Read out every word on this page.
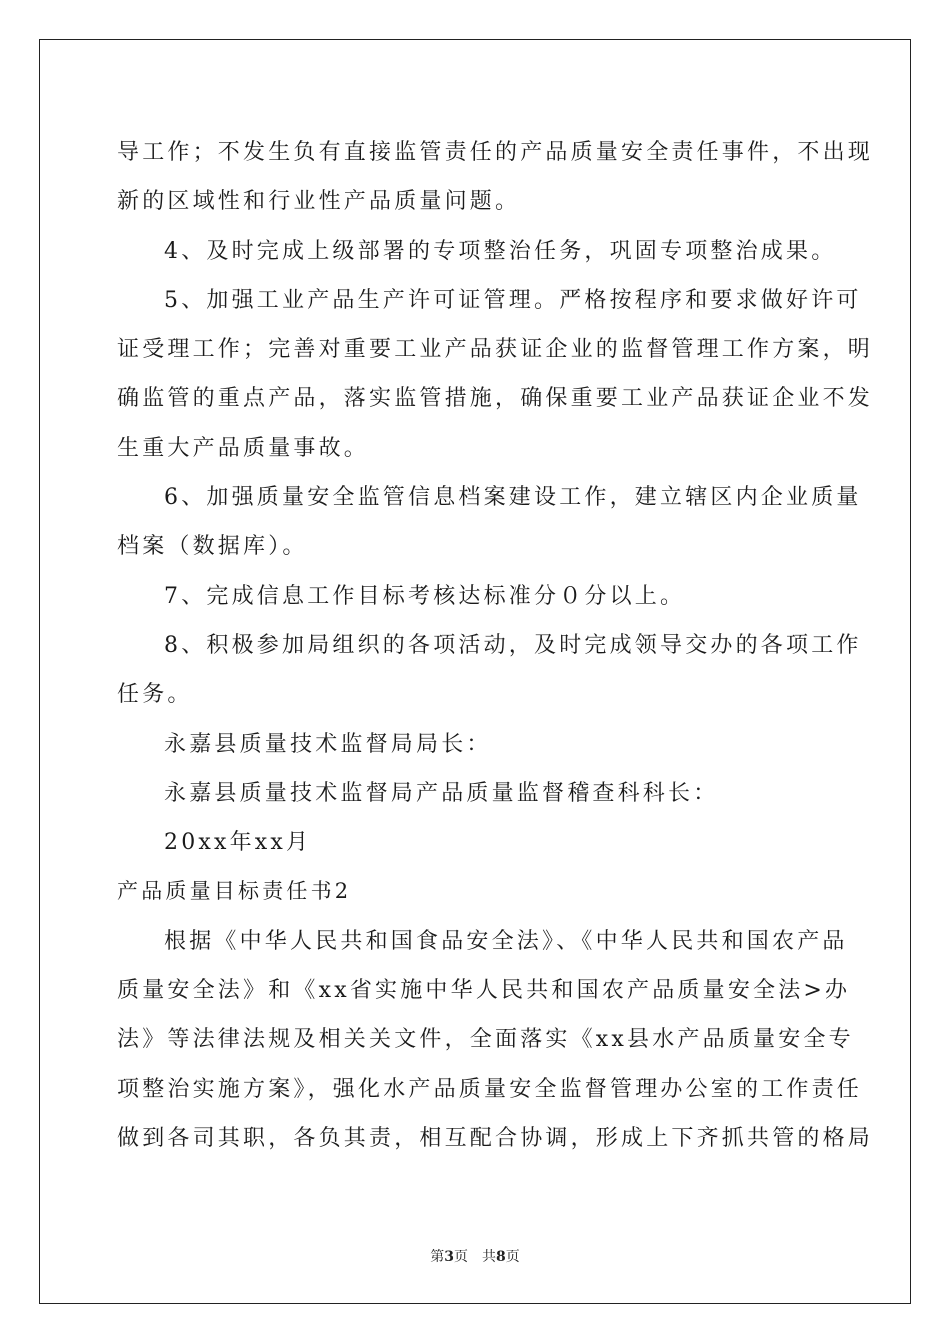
导工作；不发生负有直接监管责任的产品质量安全责任事件，不出现

新的区域性和行业性产品质量问题。

4、及时完成上级部署的专项整治任务，巩固专项整治成果。

5、加强工业产品生产许可证管理。严格按程序和要求做好许可

证受理工作；完善对重要工业产品获证企业的监督管理工作方案，明

确监管的重点产品，落实监管措施，确保重要工业产品获证企业不发

生重大产品质量事故。

6、加强质量安全监管信息档案建设工作，建立辖区内企业质量

档案（数据库）。

7、完成信息工作目标考核达标准分０分以上。

8、积极参加局组织的各项活动，及时完成领导交办的各项工作

任务。

永嘉县质量技术监督局局长：

永嘉县质量技术监督局产品质量监督稽查科科长：

20xx年xx月

产品质量目标责任书2

根据《中华人民共和国食品安全法》、《中华人民共和国农产品

质量安全法》和《xx省实施中华人民共和国农产品质量安全法>办

法》等法律法规及相关关文件，全面落实《xx县水产品质量安全专

项整治实施方案》，强化水产品质量安全监督管理办公室的工作责任

做到各司其职，各负其责，相互配合协调，形成上下齐抓共管的格局

第3页　共8页
